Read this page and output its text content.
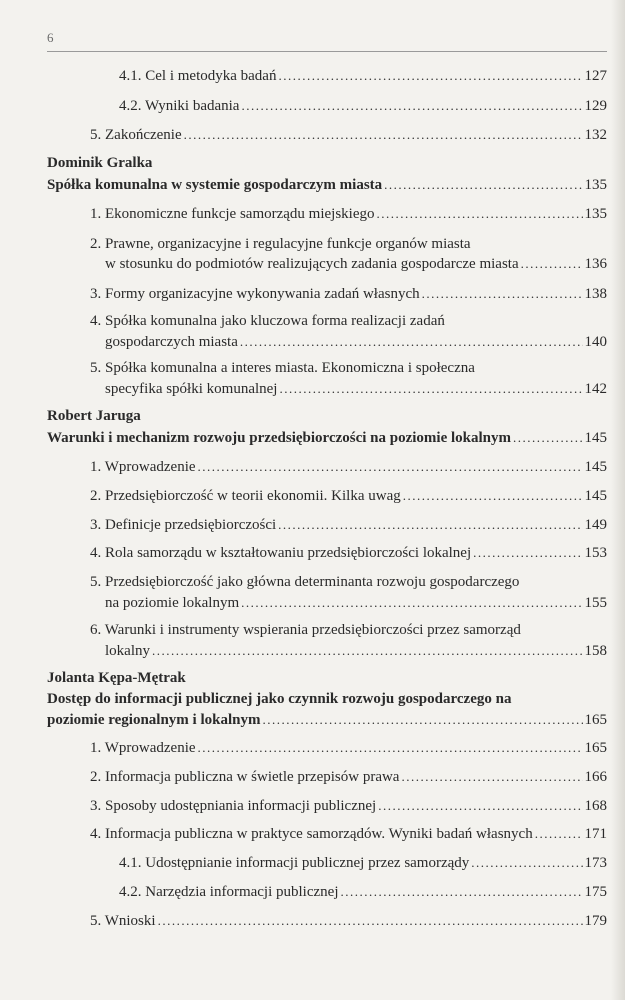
6
4.1. Cel i metodyka badań .....	127
4.2. Wyniki badania .....	129
5. Zakończenie .....	132
Dominik Gralka
Spółka komunalna w systemie gospodarczym miasta .....	135
1. Ekonomiczne funkcje samorządu miejskiego .....	135
2. Prawne, organizacyjne i regulacyjne funkcje organów miasta
w stosunku do podmiotów realizujących zadania gospodarcze miasta .....	136
3. Formy organizacyjne wykonywania zadań własnych .....	138
4. Spółka komunalna jako kluczowa forma realizacji zadań
gospodarczych miasta .....	140
5. Spółka komunalna a interes miasta. Ekonomiczna i społeczna
specyfika spółki komunalnej .....	142
Robert Jaruga
Warunki i mechanizm rozwoju przedsiębiorczości na poziomie lokalnym .....	145
1. Wprowadzenie .....	145
2. Przedsiębiorczość w teorii ekonomii. Kilka uwag .....	145
3. Definicje przedsiębiorczości .....	149
4. Rola samorządu w kształtowaniu przedsiębiorczości lokalnej .....	153
5. Przedsiębiorczość jako główna determinanta rozwoju gospodarczego
na poziomie lokalnym .....	155
6. Warunki i instrumenty wspierania przedsiębiorczości przez samorząd
lokalny .....	158
Jolanta Kępa-Mętrak
Dostęp do informacji publicznej jako czynnik rozwoju gospodarczego na
poziomie regionalnym i lokalnym .....	165
1. Wprowadzenie .....	165
2. Informacja publiczna w świetle przepisów prawa .....	166
3. Sposoby udostępniania informacji publicznej .....	168
4. Informacja publiczna w praktyce samorządów. Wyniki badań własnych .....	171
4.1. Udostępnianie informacji publicznej przez samorządy .....	173
4.2. Narzędzia informacji publicznej .....	175
5. Wnioski .....	179
